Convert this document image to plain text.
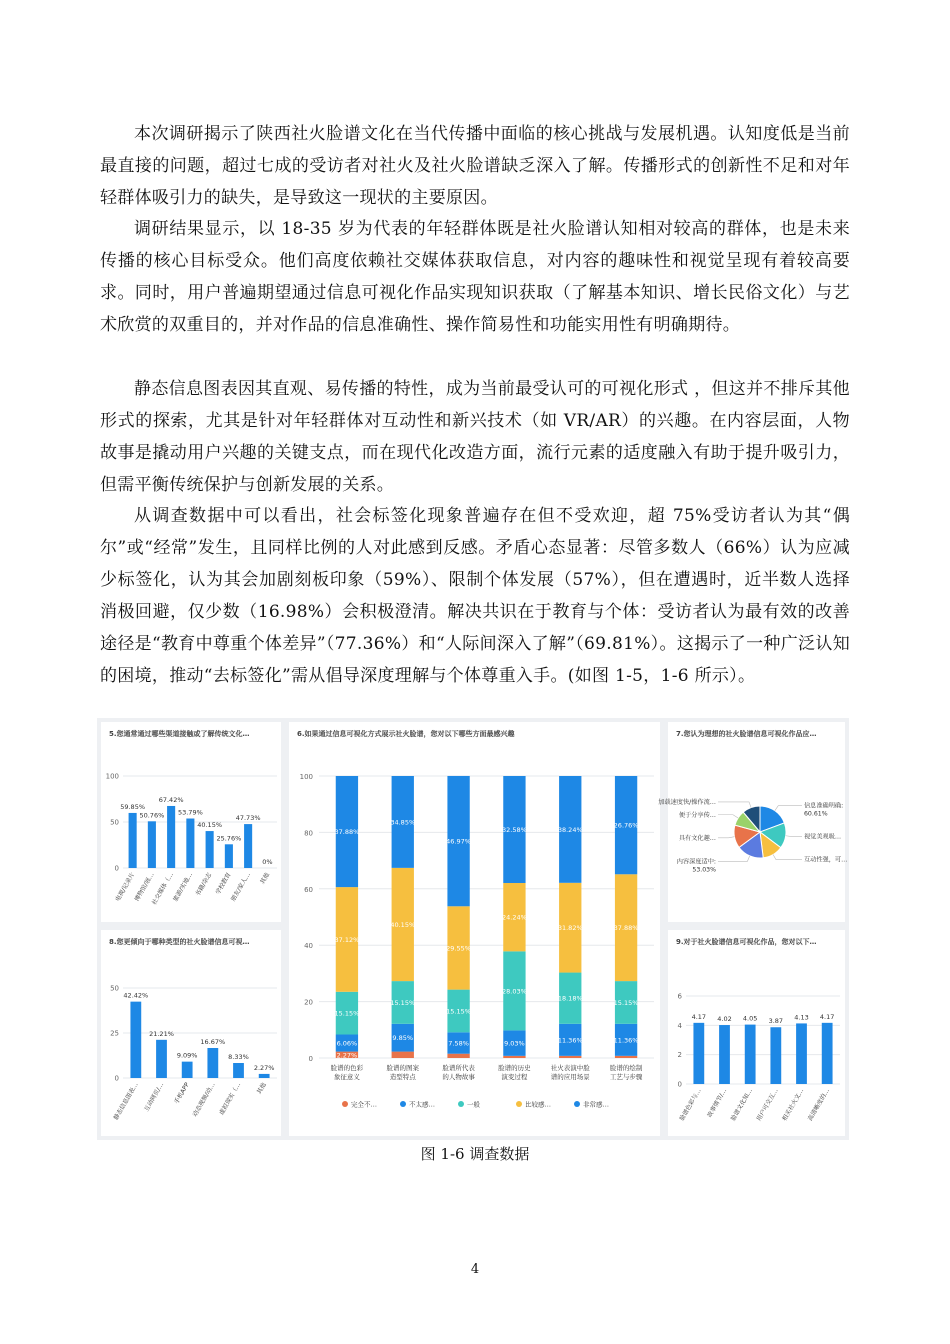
本次调研揭示了陕西社火脸谱文化在当代传播中面临的核心挑战与发展机遇。认知度低是当前最直接的问题，超过七成的受访者对社火及社火脸谱缺乏深入了解。传播形式的创新性不足和对年轻群体吸引力的缺失，是导致这一现状的主要原因。

调研结果显示，以 18-35 岁为代表的年轻群体既是社火脸谱认知相对较高的群体，也是未来传播的核心目标受众。他们高度依赖社交媒体获取信息，对内容的趣味性和视觉呈现有着较高要求。同时，用户普遍期望通过信息可视化作品实现知识获取（了解基本知识、增长民俗文化）与艺术欣赏的双重目的，并对作品的信息准确性、操作简易性和功能实用性有明确期待。

静态信息图表因其直观、易传播的特性，成为当前最受认可的可视化形式 ，但这并不排斥其他形式的探索，尤其是针对年轻群体对互动性和新兴技术（如 VR/AR）的兴趣。在内容层面，人物故事是撬动用户兴趣的关键支点，而在现代化改造方面，流行元素的适度融入有助于提升吸引力，但需平衡传统保护与创新发展的关系。

从调查数据中可以看出，社会标签化现象普遍存在但不受欢迎，超 75%受访者认为其“偶尔”或“经常”发生，且同样比例的人对此感到反感。矛盾心态显著：尽管多数人（66%）认为应减少标签化，认为其会加剧刻板印象（59%）、限制个体发展（57%），但在遭遇时，近半数人选择消极回避，仅少数（16.98%）会积极澄清。解决共识在于教育与个体：受访者认为最有效的改善途径是“教育中尊重个体差异”（77.36%）和“人际间深入了解”（69.81%）。这揭示了一种广泛认知的困境，推动“去标签化”需从倡导深度理解与个体尊重入手。(如图 1-5，1-6 所示）。

5.您通常通过哪些渠道接触或了解传统文化…
0
50
100
59.85%
电视/记录片
50.76%
博物馆/展…
67.42%
社交媒体（…
53.79%
旅游/实地…
40.15%
书籍/杂志
25.76%
学校教育
47.73%
朋友/家人…
0%
其他
6.如果通过信息可视化方式展示社火脸谱，您对以下哪些方面最感兴趣
0
20
40
60
80
100
2.27%
6.06%
15.15%
37.12%
37.88%
脸谱的色彩
象征意义
9.85%
15.15%
40.15%
34.85%
脸谱的图案
造型特点
7.58%
15.15%
29.55%
46.97%
脸谱所代表
的人物故事
9.03%
28.03%
24.24%
32.58%
脸谱的历史
演变过程
11.36%
18.18%
31.82%
38.24%
社火表演中脸
谱的应用场景
11.36%
15.15%
37.88%
26.76%
脸谱的绘制
工艺与步骤
完全不…	不太感…	一般	比较感…	非常感…
7.您认为理想的社火脸谱信息可视化作品应…
信息准确明确:
60.61%
视觉美观吸…
互动性强，可…
内容深度适中:
53.03%
具有文化趣…
便于分享传…
加载速度快/操作流…
8.您更倾向于哪种类型的社火脸谱信息可视…
0
25
50
42.42%
静态信息图表…
21.21%
互动网页/…
9.09%
手机APP
16.67%
动态视频/动…
8.33%
虚拟现实（…
2.27%
其他
9.对于社火脸谱信息可视化作品，您对以下…
0
2
4
6
4.17
脸谱色彩与…
4.02
故事情节/…
4.05
脸谱文化知…
3.87
用户可交互…
4.13
相关社火文…
4.17
高清晰度的…
图 1-6 调查数据
4
